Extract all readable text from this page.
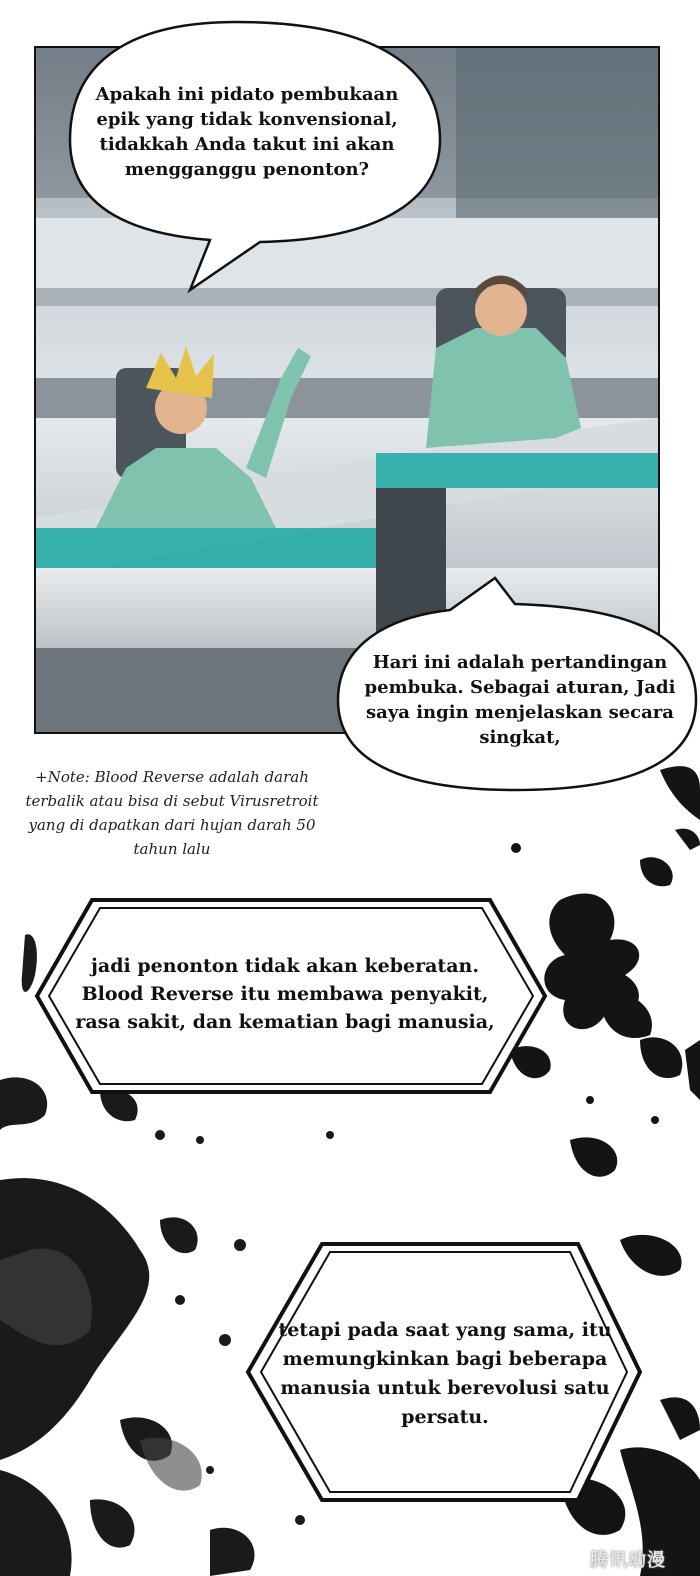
Apakah ini pidato pembukaan epik yang tidak konvensional, tidakkah Anda takut ini akan mengganggu penonton?
Hari ini adalah pertandingan pembuka. Sebagai aturan, Jadi saya ingin menjelaskan secara singkat,
+Note: Blood Reverse adalah darah terbalik atau bisa di sebut Virusretroit yang di dapatkan dari hujan darah 50 tahun lalu
jadi penonton tidak akan keberatan. Blood Reverse itu membawa penyakit, rasa sakit, dan kematian bagi manusia,
tetapi pada saat yang sama, itu memungkinkan bagi beberapa manusia untuk berevolusi satu persatu.
腾讯动漫
